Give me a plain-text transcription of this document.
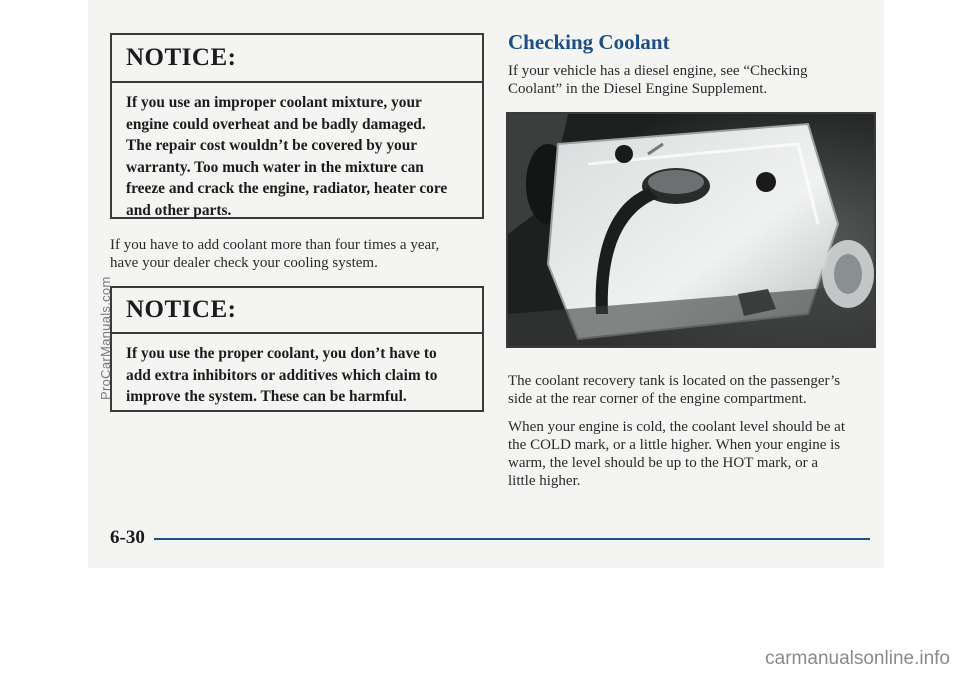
NOTICE:
If you use an improper coolant mixture, your
engine could overheat and be badly damaged.
The repair cost wouldn’t be covered by your
warranty. Too much water in the mixture can
freeze and crack the engine, radiator, heater core
and other parts.
If you have to add coolant more than four times a year,
have your dealer check your cooling system.
NOTICE:
If you use the proper coolant, you don’t have to
add extra inhibitors or additives which claim to
improve the system. These can be harmful.
Checking Coolant
If your vehicle has a diesel engine, see “Checking
Coolant” in the Diesel Engine Supplement.
The coolant recovery tank is located on the passenger’s
side at the rear corner of the engine compartment.
When your engine is cold, the coolant level should be at
the COLD mark, or a little higher. When your engine is
warm, the level should be up to the HOT mark, or a
little higher.
6-30
ProCarManuals.com
carmanualsonline.info
